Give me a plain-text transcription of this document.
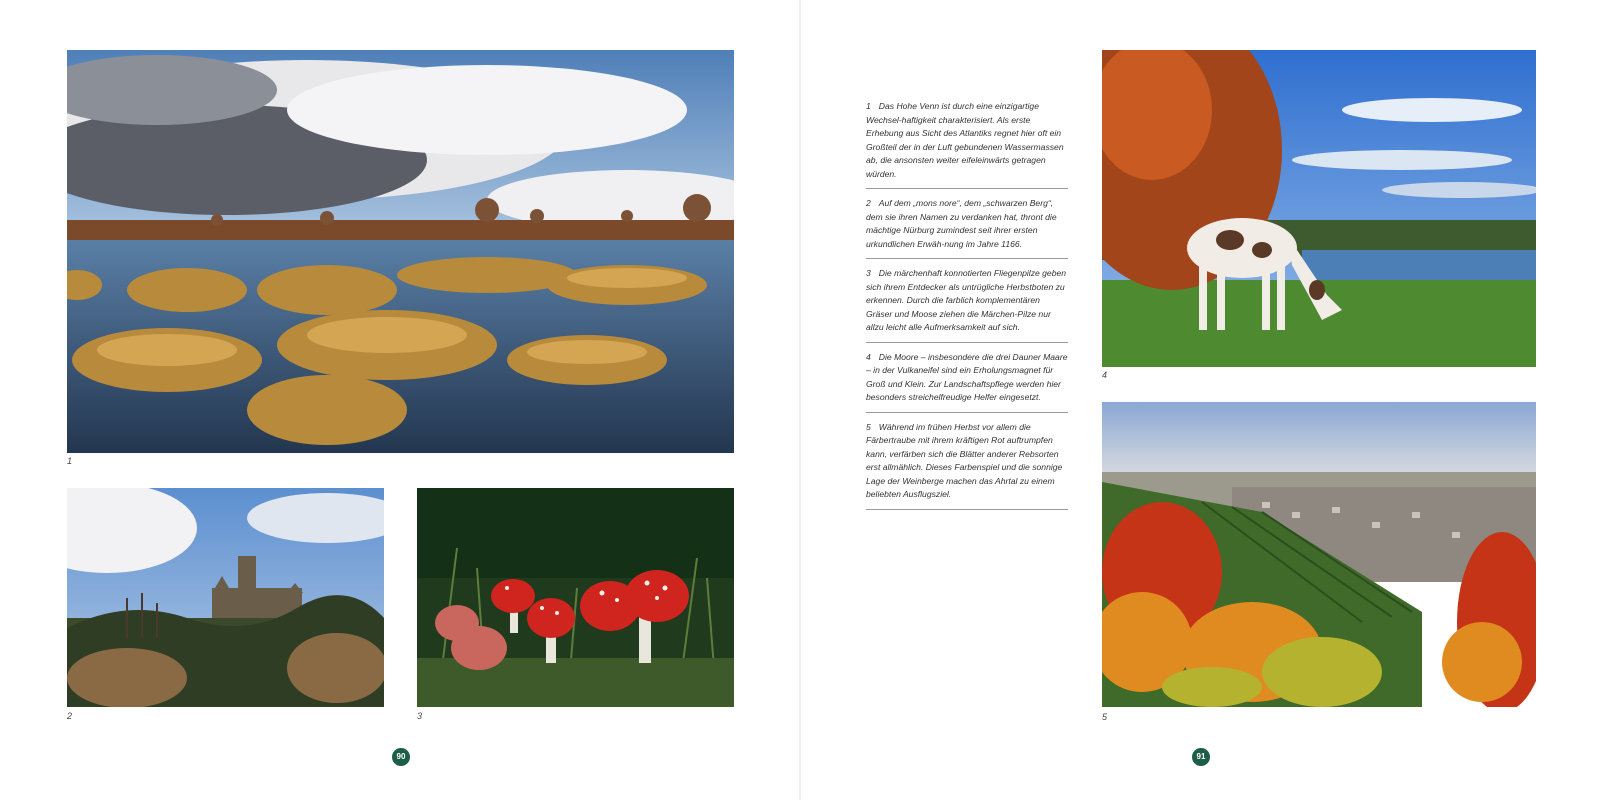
1
2	3
90
1 Das Hohe Venn ist durch eine einzigartige Wechsel-haftigkeit charakterisiert. Als erste Erhebung aus Sicht des Atlantiks regnet hier oft ein Großteil der in der Luft gebundenen Wassermassen ab, die ansonsten weiter eifeleinwärts getragen würden.
2 Auf dem „mons nore“, dem „schwarzen Berg“, dem sie ihren Namen zu verdanken hat, thront die mächtige Nürburg zumindest seit ihrer ersten urkundlichen Erwäh-nung im Jahre 1166.
3 Die märchenhaft konnotierten Fliegenpilze geben sich ihrem Entdecker als untrügliche Herbstboten zu erkennen. Durch die farblich komplementären Gräser und Moose ziehen die Märchen-Pilze nur allzu leicht alle Aufmerksamkeit auf sich.
4 Die Moore – insbesondere die drei Dauner Maare – in der Vulkaneifel sind ein Erholungsmagnet für Groß und Klein. Zur Landschaftspflege werden hier besonders streichelfreudige Helfer eingesetzt.
5 Während im frühen Herbst vor allem die Färbertraube mit ihrem kräftigen Rot auftrumpfen kann, verfärben sich die Blätter anderer Rebsorten erst allmählich. Dieses Farbenspiel und die sonnige Lage der Weinberge machen das Ahrtal zu einem beliebten Ausflugsziel.
4
5
91
